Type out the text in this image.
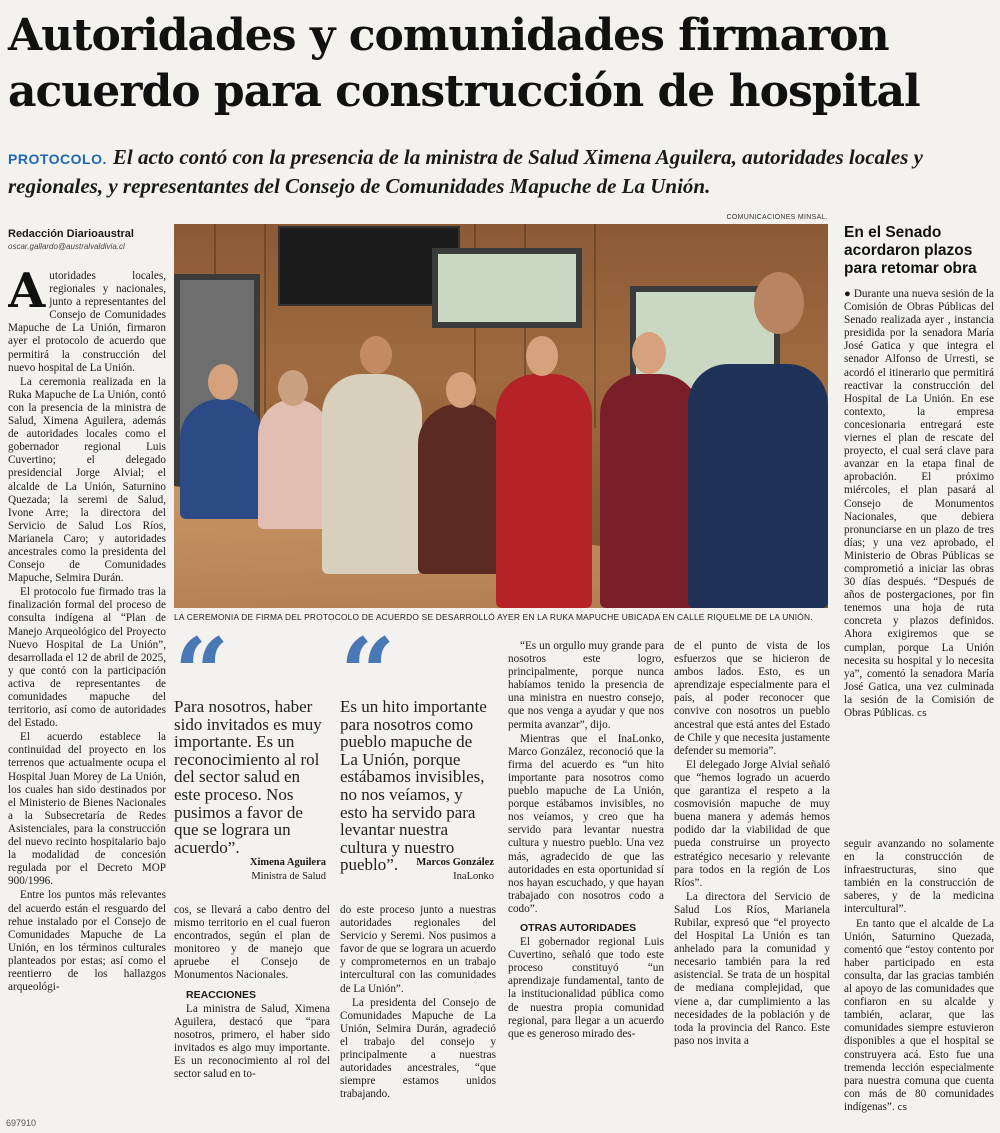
Autoridades y comunidades firmaron acuerdo para construcción de hospital
PROTOCOLO. El acto contó con la presencia de la ministra de Salud Ximena Aguilera, autoridades locales y regionales, y representantes del Consejo de Comunidades Mapuche de La Unión.
Redacción Diarioaustral
oscar.gallardo@australvaldivia.cl

Autoridades locales, regionales y nacionales, junto a representantes del Consejo de Comunidades Mapuche de La Unión, firmaron ayer el protocolo de acuerdo que permitirá la construcción del nuevo hospital de La Unión.

La ceremonia realizada en la Ruka Mapuche de La Unión, contó con la presencia de la ministra de Salud, Ximena Aguilera, además de autoridades locales como el gobernador regional Luis Cuvertino; el delegado presidencial Jorge Alvial; el alcalde de La Unión, Saturnino Quezada; la seremi de Salud, Ivone Arre; la directora del Servicio de Salud Los Ríos, Marianela Caro; y autoridades ancestrales como la presidenta del Consejo de Comunidades Mapuche, Selmira Durán.

El protocolo fue firmado tras la finalización formal del proceso de consulta indígena al “Plan de Manejo Arqueológico del Proyecto Nuevo Hospital de La Unión”, desarrollada el 12 de abril de 2025, y que contó con la participación activa de representantes de comunidades mapuche del territorio, así como de autoridades del Estado.

El acuerdo establece la continuidad del proyecto en los terrenos que actualmente ocupa el Hospital Juan Morey de La Unión, los cuales han sido destinados por el Ministerio de Bienes Nacionales a la Subsecretaría de Redes Asistenciales, para la construcción del nuevo recinto hospitalario bajo la modalidad de concesión regulada por el Decreto MOP 900/1996.

Entre los puntos más relevantes del acuerdo están el resguardo del rehue instalado por el Consejo de Comunidades Mapuche de La Unión, en los términos culturales planteados por estas; así como el reentierro de los hallazgos arqueológi-

COMUNICACIONES MINSAL.
LA CEREMONIA DE FIRMA DEL PROTOCOLO DE ACUERDO SE DESARROLLÓ AYER EN LA RUKA MAPUCHE UBICADA EN CALLE RIQUELME DE LA UNIÓN.
Para nosotros, haber sido invitados es muy importante. Es un reconocimiento al rol del sector salud en este proceso. Nos pusimos a favor de que se lograra un acuerdo”.
Ximena Aguilera
Ministra de Salud
Es un hito importante para nosotros como pueblo mapuche de La Unión, porque estábamos invisibles, no nos veíamos, y esto ha servido para levantar nuestra cultura y nuestro pueblo”.	Marcos González
InaLonko

cos, se llevará a cabo dentro del mismo territorio en el cual fueron encontrados, según el plan de monitoreo y de manejo que apruebe el Consejo de Monumentos Nacionales.

REACCIONES

La ministra de Salud, Ximena Aguilera, destacó que “para nosotros, primero, el haber sido invitados es algo muy importante. Es un reconocimiento al rol del sector salud en to-

do este proceso junto a nuestras autoridades regionales del Servicio y Seremi. Nos pusimos a favor de que se lograra un acuerdo y comprometernos en un trabajo intercultural con las comunidades de La Unión”.

La presidenta del Consejo de Comunidades Mapuche de La Unión, Selmira Durán, agradeció el trabajo del consejo y principalmente a nuestras autoridades ancestrales, “que siempre estamos unidos trabajando.

“Es un orgullo muy grande para nosotros este logro, principalmente, porque nunca habíamos tenido la presencia de una ministra en nuestro consejo, que nos venga a ayudar y que nos permita avanzar”, dijo.

Mientras que el InaLonko, Marco González, reconoció que la firma del acuerdo es “un hito importante para nosotros como pueblo mapuche de La Unión, porque estábamos invisibles, no nos veíamos, y creo que ha servido para levantar nuestra cultura y nuestro pueblo. Una vez más, agradecido de que las autoridades en esta oportunidad sí nos hayan escuchado, y que hayan trabajado con nosotros codo a codo”.

OTRAS AUTORIDADES

El gobernador regional Luis Cuvertino, señaló que todo este proceso constituyó “un aprendizaje fundamental, tanto de la institucionalidad pública como de nuestra propia comunidad regional, para llegar a un acuerdo que es generoso mirado des-

de el punto de vista de los esfuerzos que se hicieron de ambos lados. Esto, es un aprendizaje especialmente para el país, al poder reconocer que convive con nosotros un pueblo ancestral que está antes del Estado de Chile y que necesita justamente defender su memoria”.

El delegado Jorge Alvial señaló que “hemos logrado un acuerdo que garantiza el respeto a la cosmovisión mapuche de muy buena manera y además hemos podido dar la viabilidad de que pueda construirse un proyecto estratégico necesario y relevante para todos en la región de Los Ríos”.

La directora del Servicio de Salud Los Ríos, Marianela Rubilar, expresó que “el proyecto del Hospital La Unión es tan anhelado para la comunidad y necesario también para la red asistencial. Se trata de un hospital de mediana complejidad, que viene a, dar cumplimiento a las necesidades de la población y de toda la provincia del Ranco. Este paso nos invita a

En el Senado acordaron plazos para retomar obra

● Durante una nueva sesión de la Comisión de Obras Públicas del Senado realizada ayer , instancia presidida por la senadora María José Gatica y que integra el senador Alfonso de Urresti, se acordó el itinerario que permitirá reactivar la construcción del Hospital de La Unión. En ese contexto, la empresa concesionaria entregará este viernes el plan de rescate del proyecto, el cual será clave para avanzar en la etapa final de aprobación. El próximo miércoles, el plan pasará al Consejo de Monumentos Nacionales, que debiera pronunciarse en un plazo de tres días; y una vez aprobado, el Ministerio de Obras Públicas se comprometió a iniciar las obras 30 días después. “Después de años de postergaciones, por fin tenemos una hoja de ruta concreta y plazos definidos. Ahora exigiremos que se cumplan, porque La Unión necesita su hospital y lo necesita ya”, comentó la senadora María José Gatica, una vez culminada la sesión de la Comisión de Obras Públicas. cs

seguir avanzando no solamente en la construcción de infraestructuras, sino que también en la construcción de saberes, y de la medicina intercultural”.

En tanto que el alcalde de La Unión, Saturnino Quezada, comentó que “estoy contento por haber participado en esta consulta, dar las gracias también al apoyo de las comunidades que confiaron en su alcalde y también, aclarar, que las comunidades siempre estuvieron disponibles a que el hospital se construyera acá. Esto fue una tremenda lección especialmente para nuestra comuna que cuenta con más de 80 comunidades indígenas”. cs

697910
